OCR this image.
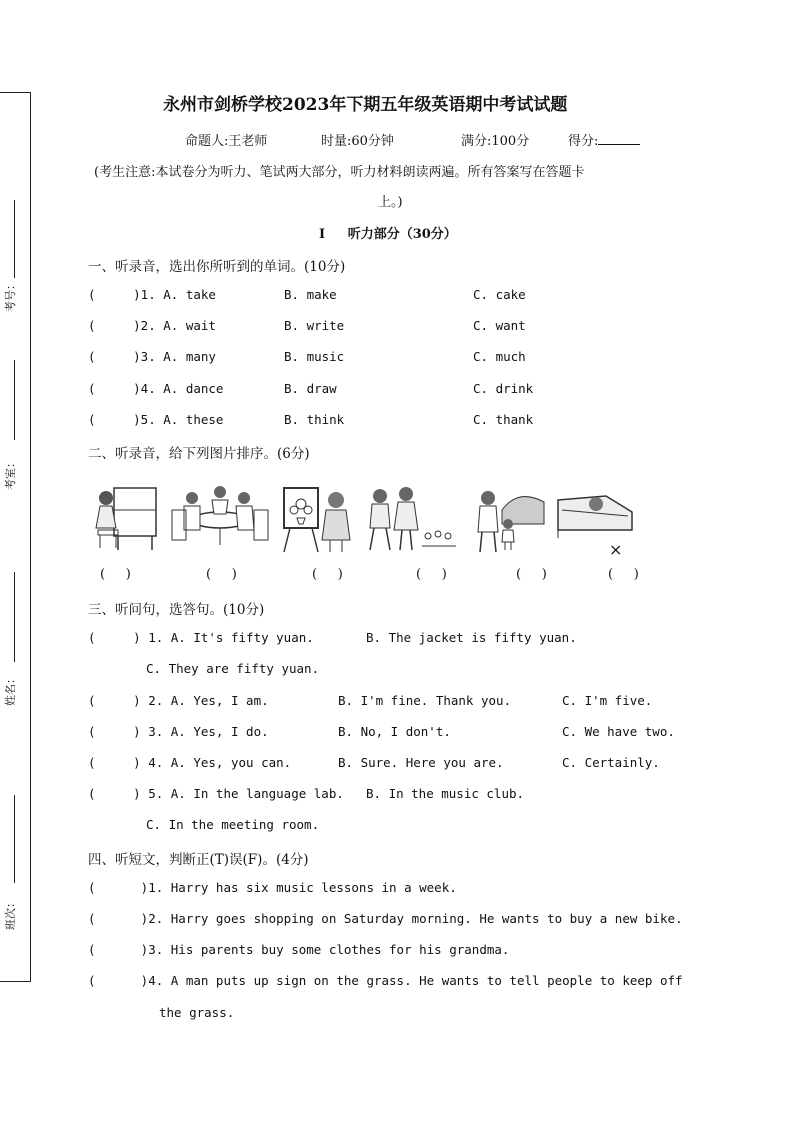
考号：
考室：
姓名：
班次：
永州市剑桥学校2023年下期五年级英语期中考试试题
命题人:王老师	时量:60分钟	满分:100分	得分:
(考生注意:本试卷分为听力、笔试两大部分，听力材料朗读两遍。所有答案写在答题卡
上。)
I     听力部分（30分）
一、听录音，选出你所听到的单词。(10分)
(     )1. A. take	B. make	C. cake
(     )2. A. wait	B. write	C. want
(     )3. A. many	B. music	C. much
(     )4. A. dance	B. draw	C. drink
(     )5. A. these	B. think	C. thank
二、听录音，给下列图片排序。(6分)
×
(     )	(     )	(     )	(     )	(     )	(     )
三、听问句，选答句。(10分)
(     ) 1. A. It's fifty yuan.	B. The jacket is fifty yuan.
C. They are fifty yuan.
(     ) 2. A. Yes, I am.	B. I'm fine. Thank you.	C. I'm five.
(     ) 3. A. Yes, I do.	B. No, I don't.	C. We have two.
(     ) 4. A. Yes, you can.	B. Sure. Here you are.	C. Certainly.
(     ) 5. A. In the language lab. B. In the music club.
C. In the meeting room.
四、听短文，判断正(T)误(F)。(4分)
(      )1. Harry has six music lessons in a week.
(      )2. Harry goes shopping on Saturday morning. He wants to buy a new bike.
(      )3. His parents buy some clothes for his grandma.
(      )4. A man puts up sign on the grass. He wants to tell people to keep off
the grass.
